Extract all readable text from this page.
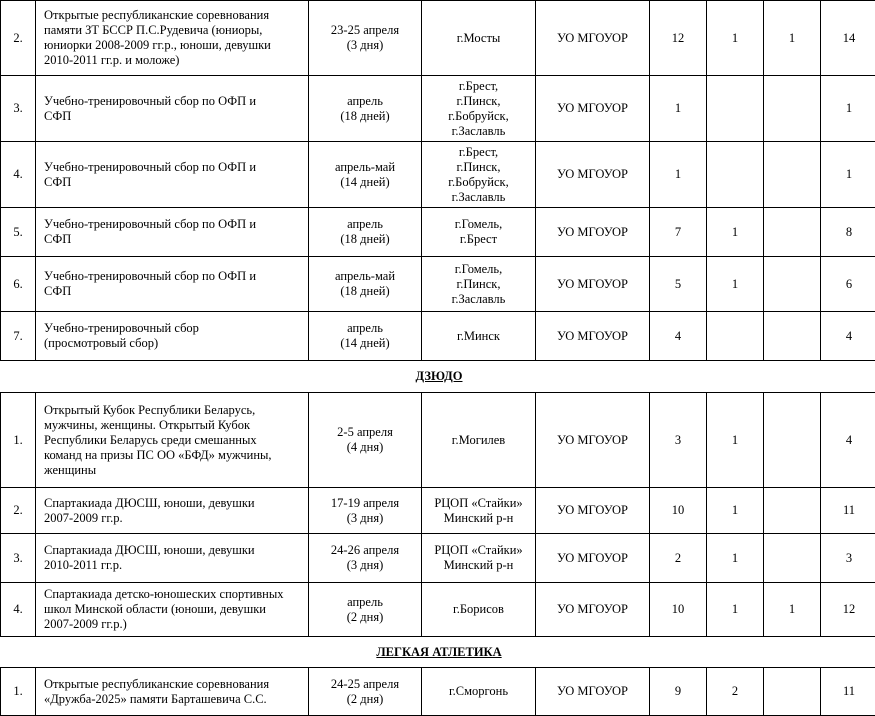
2.	Открытые республиканские соревнования
памяти ЗТ БССР П.С.Рудевича (юниоры,
юниорки 2008-2009 гг.р., юноши, девушки
2010-2011 гг.р. и моложе)	23-25 апреля
(3 дня)	г.Мосты	УО МГОУОР	12	1	1	14
3.	Учебно-тренировочный сбор по ОФП и
СФП	апрель
(18 дней)	г.Брест,
г.Пинск,
г.Бобруйск,
г.Заславль	УО МГОУОР	1			1
4.	Учебно-тренировочный сбор по ОФП и
СФП	апрель-май
(14 дней)	г.Брест,
г.Пинск,
г.Бобруйск,
г.Заславль	УО МГОУОР	1			1
5.	Учебно-тренировочный сбор по ОФП и
СФП	апрель
(18 дней)	г.Гомель,
г.Брест	УО МГОУОР	7	1		8
6.	Учебно-тренировочный сбор по ОФП и
СФП	апрель-май
(18 дней)	г.Гомель,
г.Пинск,
г.Заславль	УО МГОУОР	5	1		6
7.	Учебно-тренировочный сбор
(просмотровый сбор)	апрель
(14 дней)	г.Минск	УО МГОУОР	4			4
ДЗЮДО								
1.	Открытый Кубок Республики Беларусь,
мужчины, женщины. Открытый Кубок
Республики Беларусь среди смешанных
команд на призы ПС ОО «БФД» мужчины,
женщины	2-5 апреля
(4 дня)	г.Могилев	УО МГОУОР	3	1		4
2.	Спартакиада ДЮСШ, юноши, девушки
2007-2009 гг.р.	17-19 апреля
(3 дня)	РЦОП «Стайки»
Минский р-н	УО МГОУОР	10	1		11
3.	Спартакиада ДЮСШ, юноши, девушки
2010-2011 гг.р.	24-26 апреля
(3 дня)	РЦОП «Стайки»
Минский р-н	УО МГОУОР	2	1		3
4.	Спартакиада детско-юношеских спортивных
школ Минской области (юноши, девушки
2007-2009 гг.р.)	апрель
(2 дня)	г.Борисов	УО МГОУОР	10	1	1	12
ЛЕГКАЯ АТЛЕТИКА								
1.	Открытые республиканские соревнования
«Дружба-2025» памяти Барташевича С.С.	24-25 апреля
(2 дня)	г.Сморгонь	УО МГОУОР	9	2		11
